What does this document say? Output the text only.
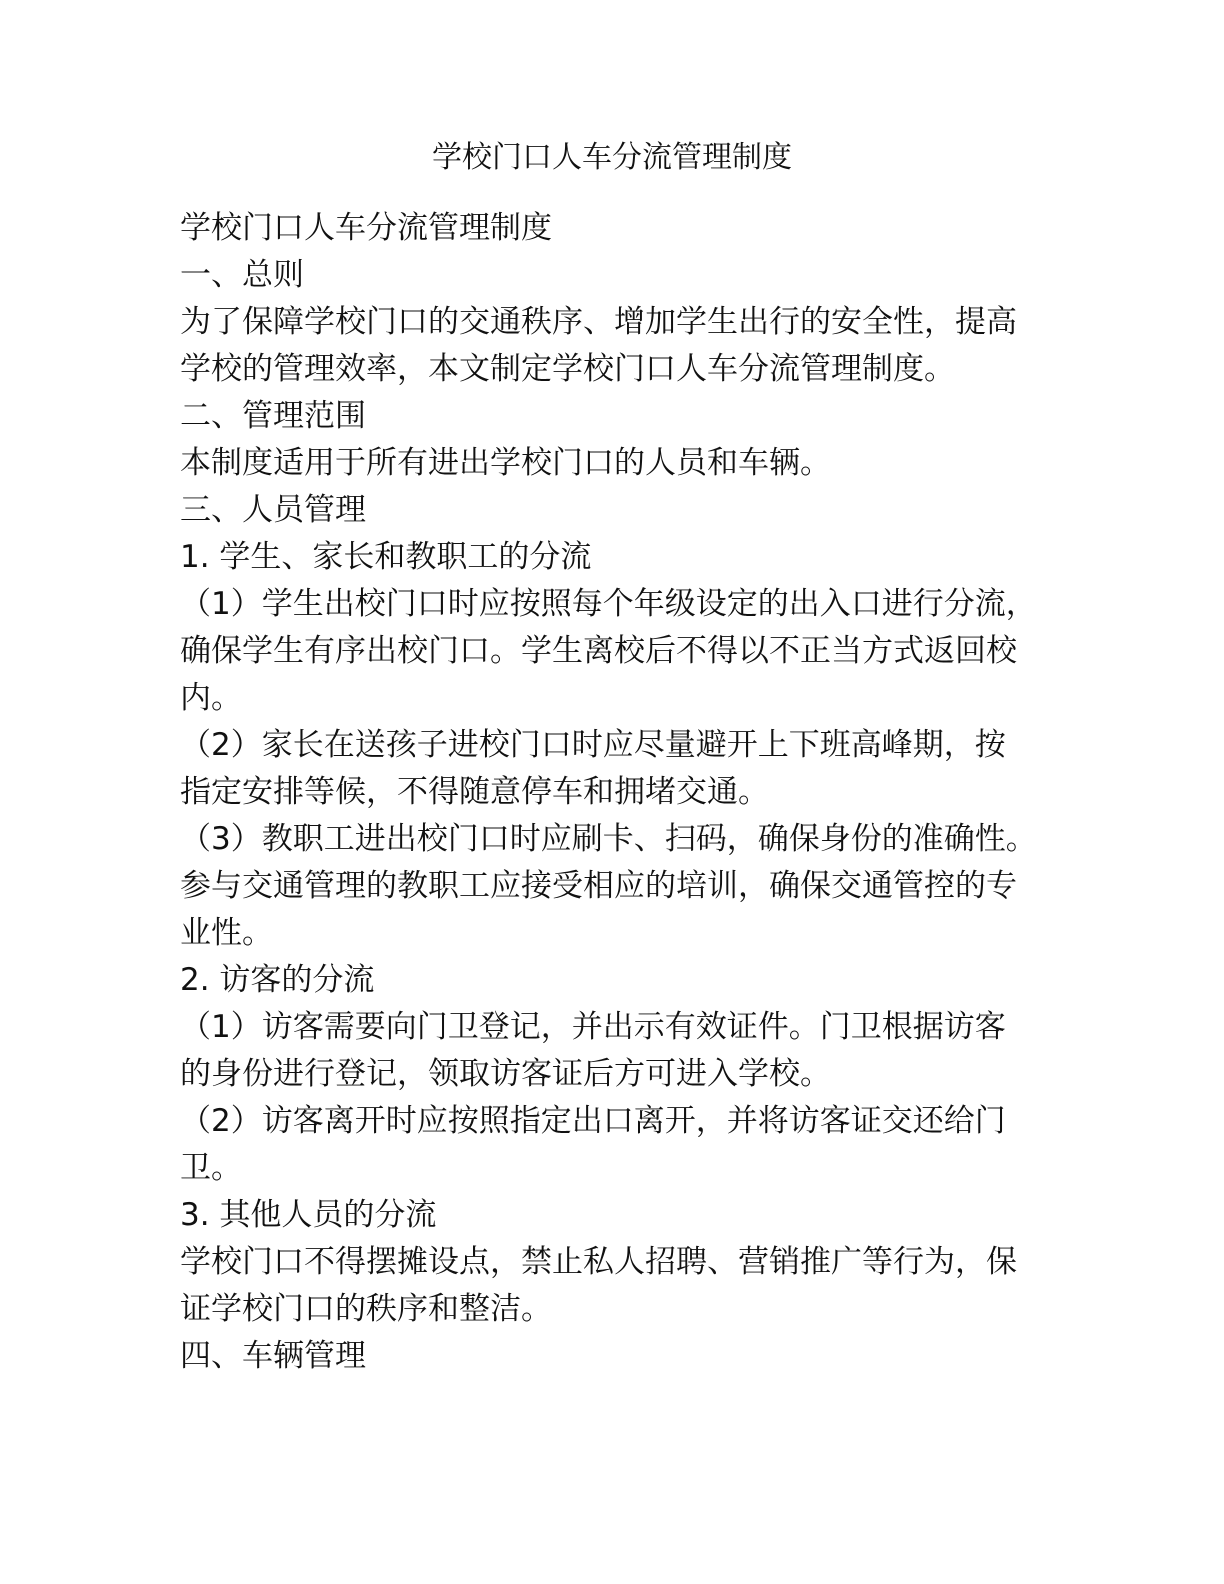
学校门口人车分流管理制度

学校门口人车分流管理制度

一、总则

为了保障学校门口的交通秩序、增加学生出行的安全性，提高

学校的管理效率，本文制定学校门口人车分流管理制度。

二、管理范围

本制度适用于所有进出学校门口的人员和车辆。

三、人员管理

1. 学生、家长和教职工的分流

（1）学生出校门口时应按照每个年级设定的出入口进行分流，

确保学生有序出校门口。学生离校后不得以不正当方式返回校

内。

（2）家长在送孩子进校门口时应尽量避开上下班高峰期，按

指定安排等候，不得随意停车和拥堵交通。

（3）教职工进出校门口时应刷卡、扫码，确保身份的准确性。

参与交通管理的教职工应接受相应的培训，确保交通管控的专

业性。

2. 访客的分流

（1）访客需要向门卫登记，并出示有效证件。门卫根据访客

的身份进行登记，领取访客证后方可进入学校。

（2）访客离开时应按照指定出口离开，并将访客证交还给门

卫。

3. 其他人员的分流

学校门口不得摆摊设点，禁止私人招聘、营销推广等行为，保

证学校门口的秩序和整洁。

四、车辆管理
